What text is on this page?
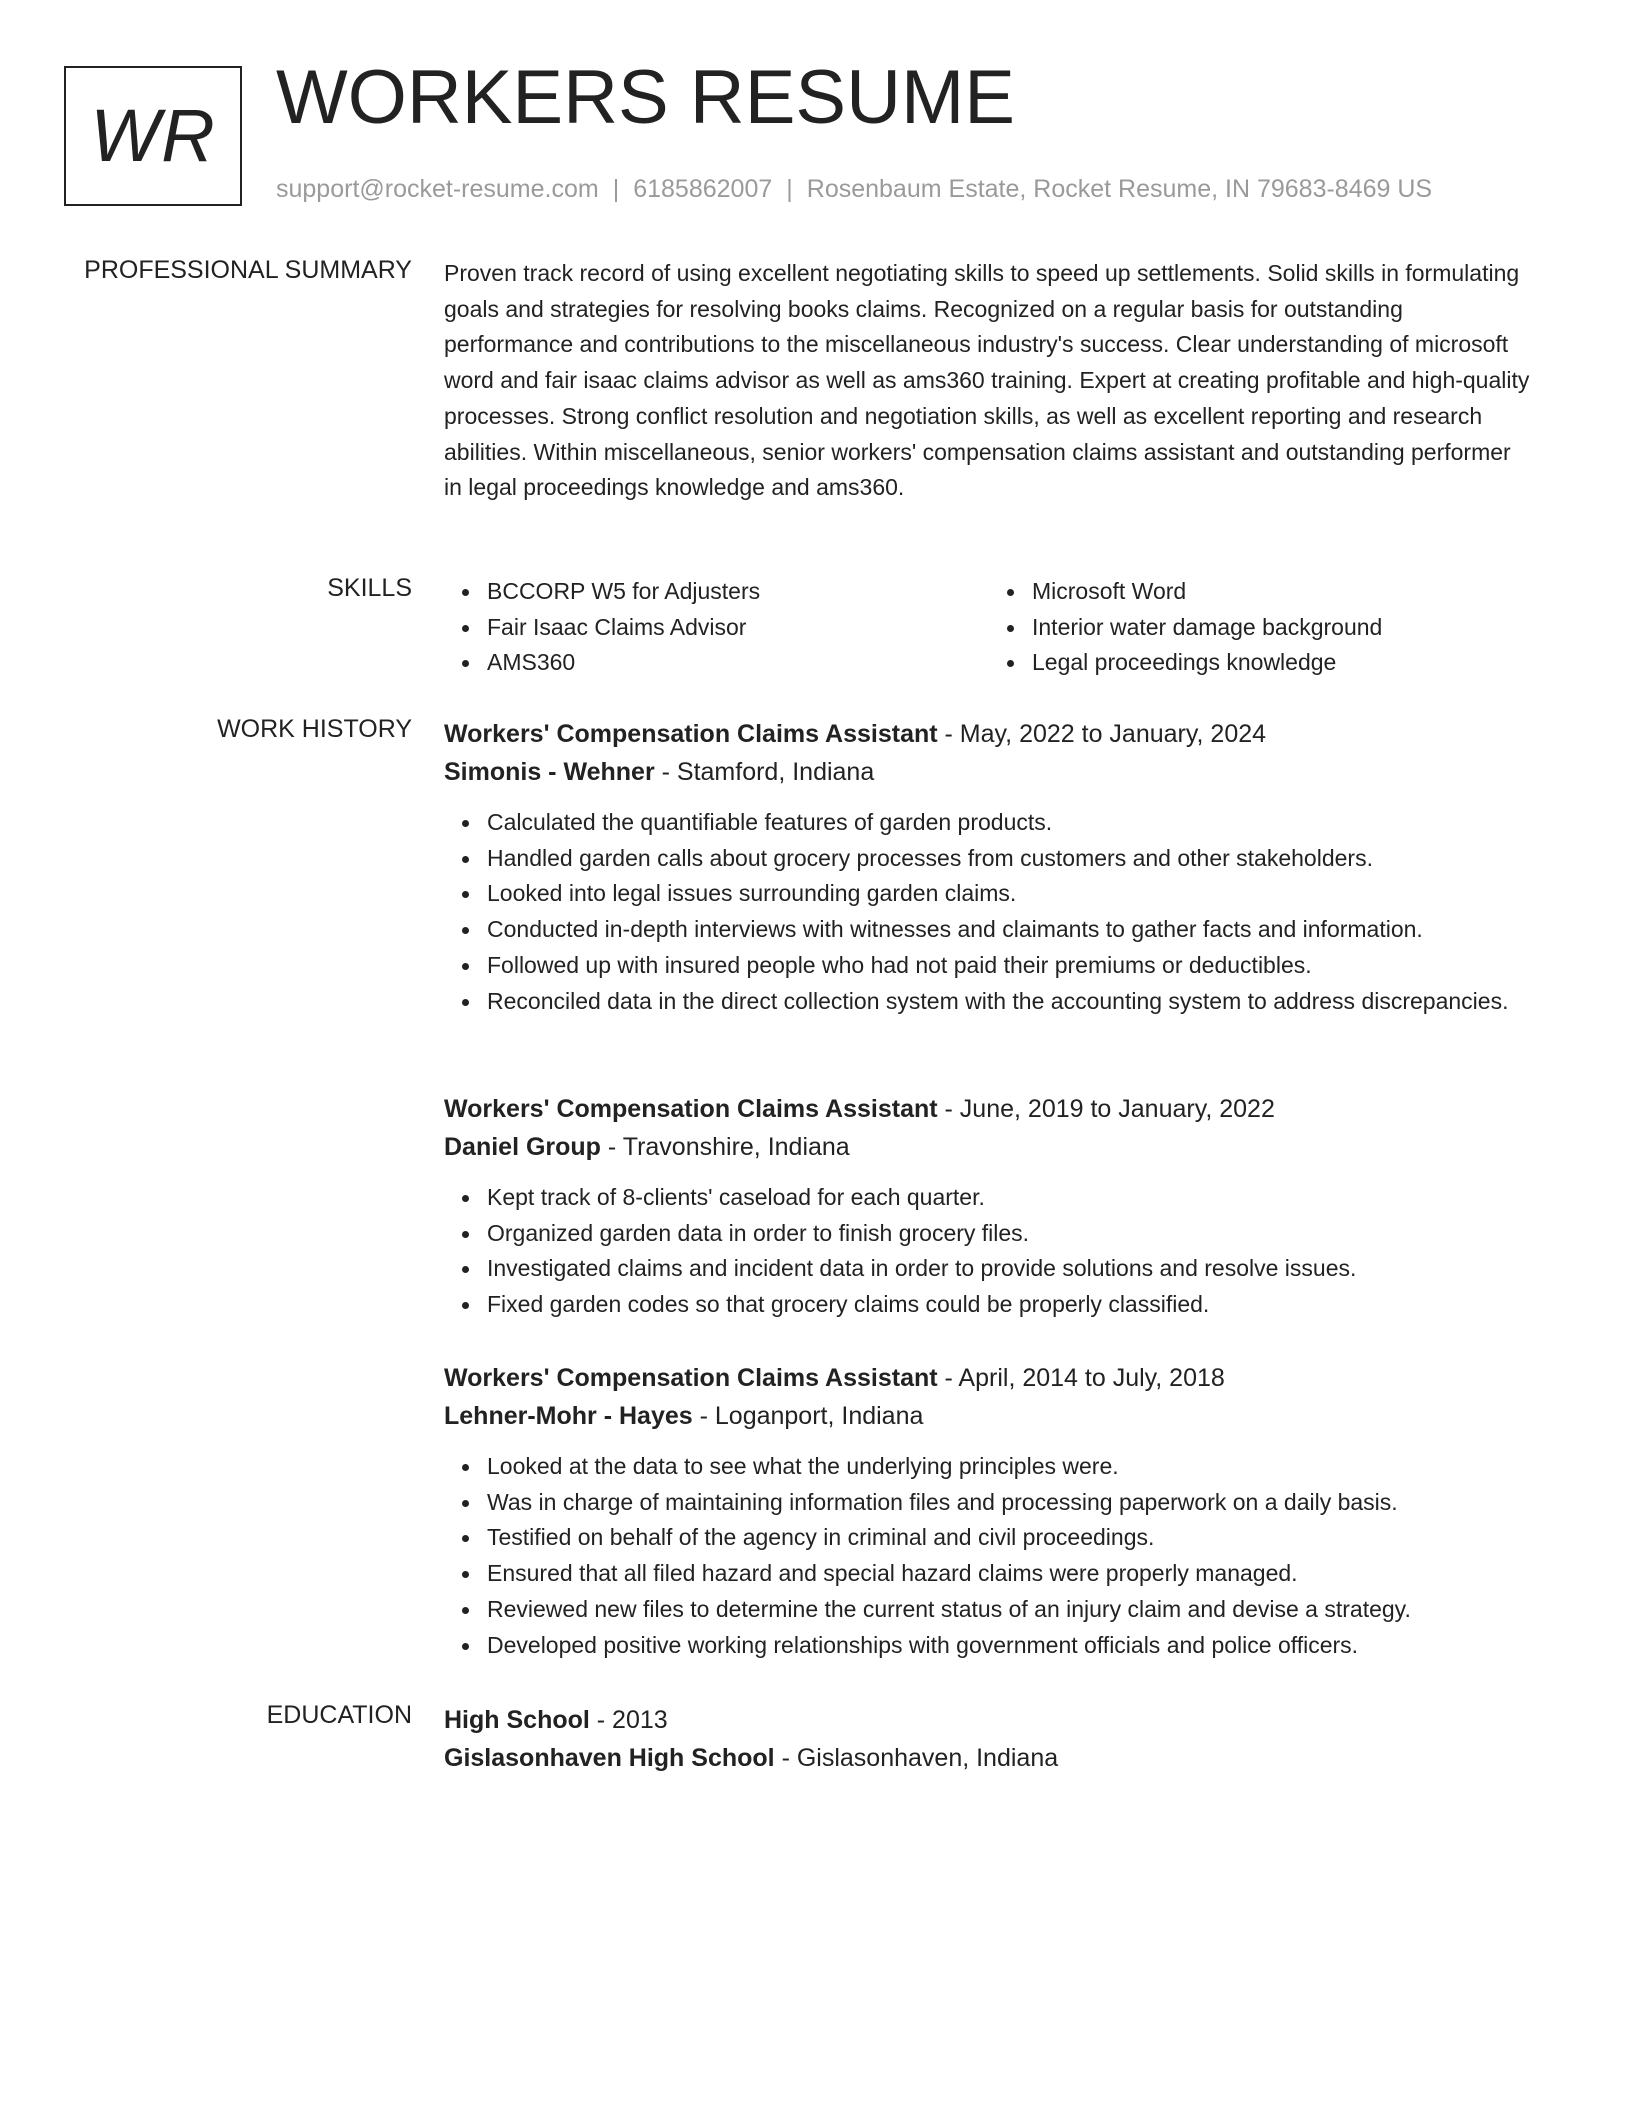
WR WORKERS RESUME
support@rocket-resume.com | 6185862007 | Rosenbaum Estate, Rocket Resume, IN 79683-8469 US
PROFESSIONAL SUMMARY Proven track record of using excellent negotiating skills to speed up settlements. Solid skills in formulating goals and strategies for resolving books claims. Recognized on a regular basis for outstanding performance and contributions to the miscellaneous industry's success. Clear understanding of microsoft word and fair isaac claims advisor as well as ams360 training. Expert at creating profitable and high-quality processes. Strong conflict resolution and negotiation skills, as well as excellent reporting and research abilities. Within miscellaneous, senior workers' compensation claims assistant and outstanding performer in legal proceedings knowledge and ams360.

SKILLS	BCCORP W5 for Adjusters
Fair Isaac Claims Advisor
AMS360
Microsoft Word
Interior water damage background
Legal proceedings knowledge
WORK HISTORY Workers' Compensation Claims Assistant - May, 2022 to January, 2024
Simonis - Wehner - Stamford, Indiana
Calculated the quantifiable features of garden products.
Handled garden calls about grocery processes from customers and other stakeholders.
Looked into legal issues surrounding garden claims.
Conducted in-depth interviews with witnesses and claimants to gather facts and information.
Followed up with insured people who had not paid their premiums or deductibles.
Reconciled data in the direct collection system with the accounting system to address discrepancies.
Workers' Compensation Claims Assistant - June, 2019 to January, 2022
Daniel Group - Travonshire, Indiana
Kept track of 8-clients' caseload for each quarter.
Organized garden data in order to finish grocery files.
Investigated claims and incident data in order to provide solutions and resolve issues.
Fixed garden codes so that grocery claims could be properly classified.
Workers' Compensation Claims Assistant - April, 2014 to July, 2018
Lehner-Mohr - Hayes - Loganport, Indiana
Looked at the data to see what the underlying principles were.
Was in charge of maintaining information files and processing paperwork on a daily basis.
Testified on behalf of the agency in criminal and civil proceedings.
Ensured that all filed hazard and special hazard claims were properly managed.
Reviewed new files to determine the current status of an injury claim and devise a strategy.
Developed positive working relationships with government officials and police officers.
EDUCATION High School - 2013
Gislasonhaven High School - Gislasonhaven, Indiana
